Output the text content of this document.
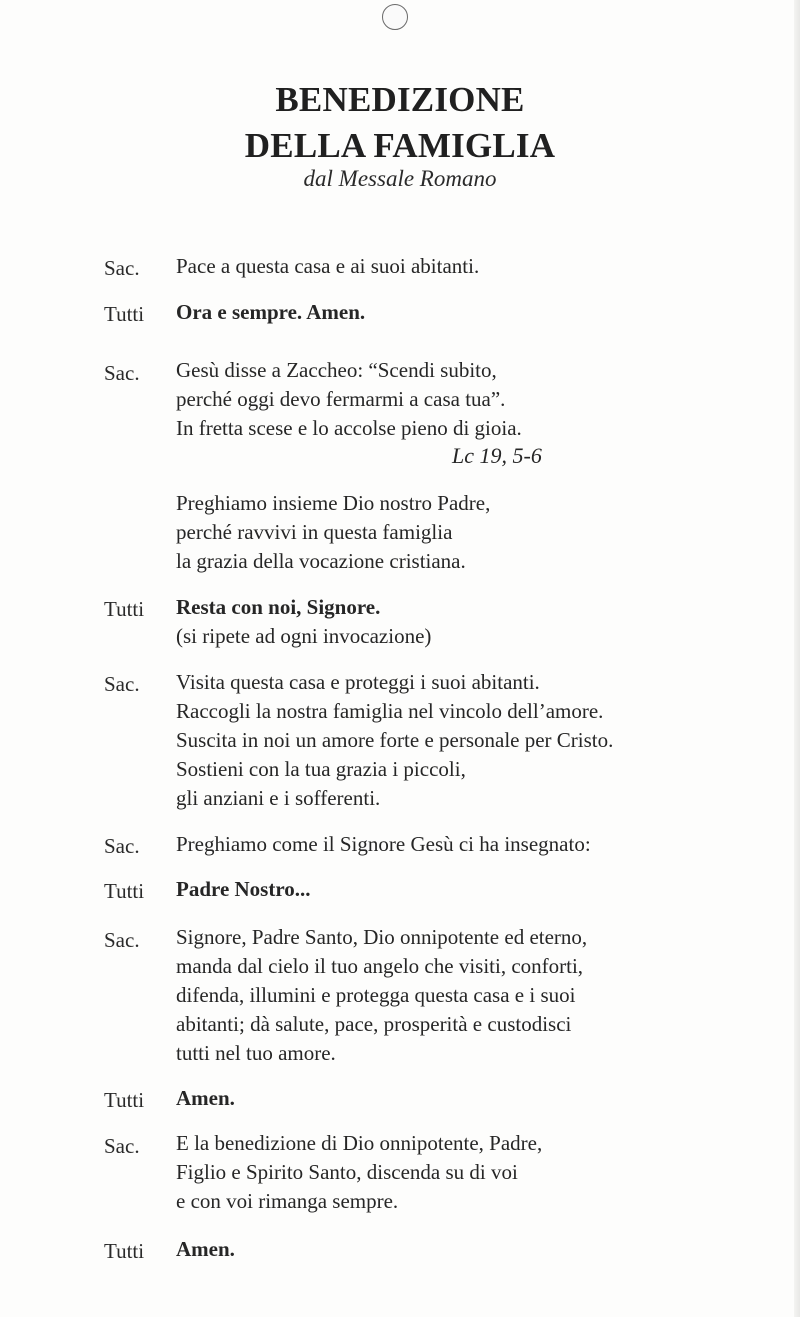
BENEDIZIONE
DELLA FAMIGLIA
dal Messale Romano
Sac.	Pace a questa casa e ai suoi abitanti.
Tutti	Ora e sempre. Amen.
Sac.	Gesù disse a Zaccheo: “Scendi subito,
perché oggi devo fermarmi a casa tua”.
In fretta scese e lo accolse pieno di gioia.
Lc 19, 5-6
Preghiamo insieme Dio nostro Padre,
perché ravvivi in questa famiglia
la grazia della vocazione cristiana.
Tutti	Resta con noi, Signore.
(si ripete ad ogni invocazione)
Sac.	Visita questa casa e proteggi i suoi abitanti.
Raccogli la nostra famiglia nel vincolo dell’amore.
Suscita in noi un amore forte e personale per Cristo.
Sostieni con la tua grazia i piccoli,
gli anziani e i sofferenti.
Sac.	Preghiamo come il Signore Gesù ci ha insegnato:
Tutti	Padre Nostro...
Sac.	Signore, Padre Santo, Dio onnipotente ed eterno,
manda dal cielo il tuo angelo che visiti, conforti,
difenda, illumini e protegga questa casa e i suoi
abitanti; dà salute, pace, prosperità e custodisci
tutti nel tuo amore.
Tutti	Amen.
Sac.	E la benedizione di Dio onnipotente, Padre,
Figlio e Spirito Santo, discenda su di voi
e con voi rimanga sempre.
Tutti	Amen.
